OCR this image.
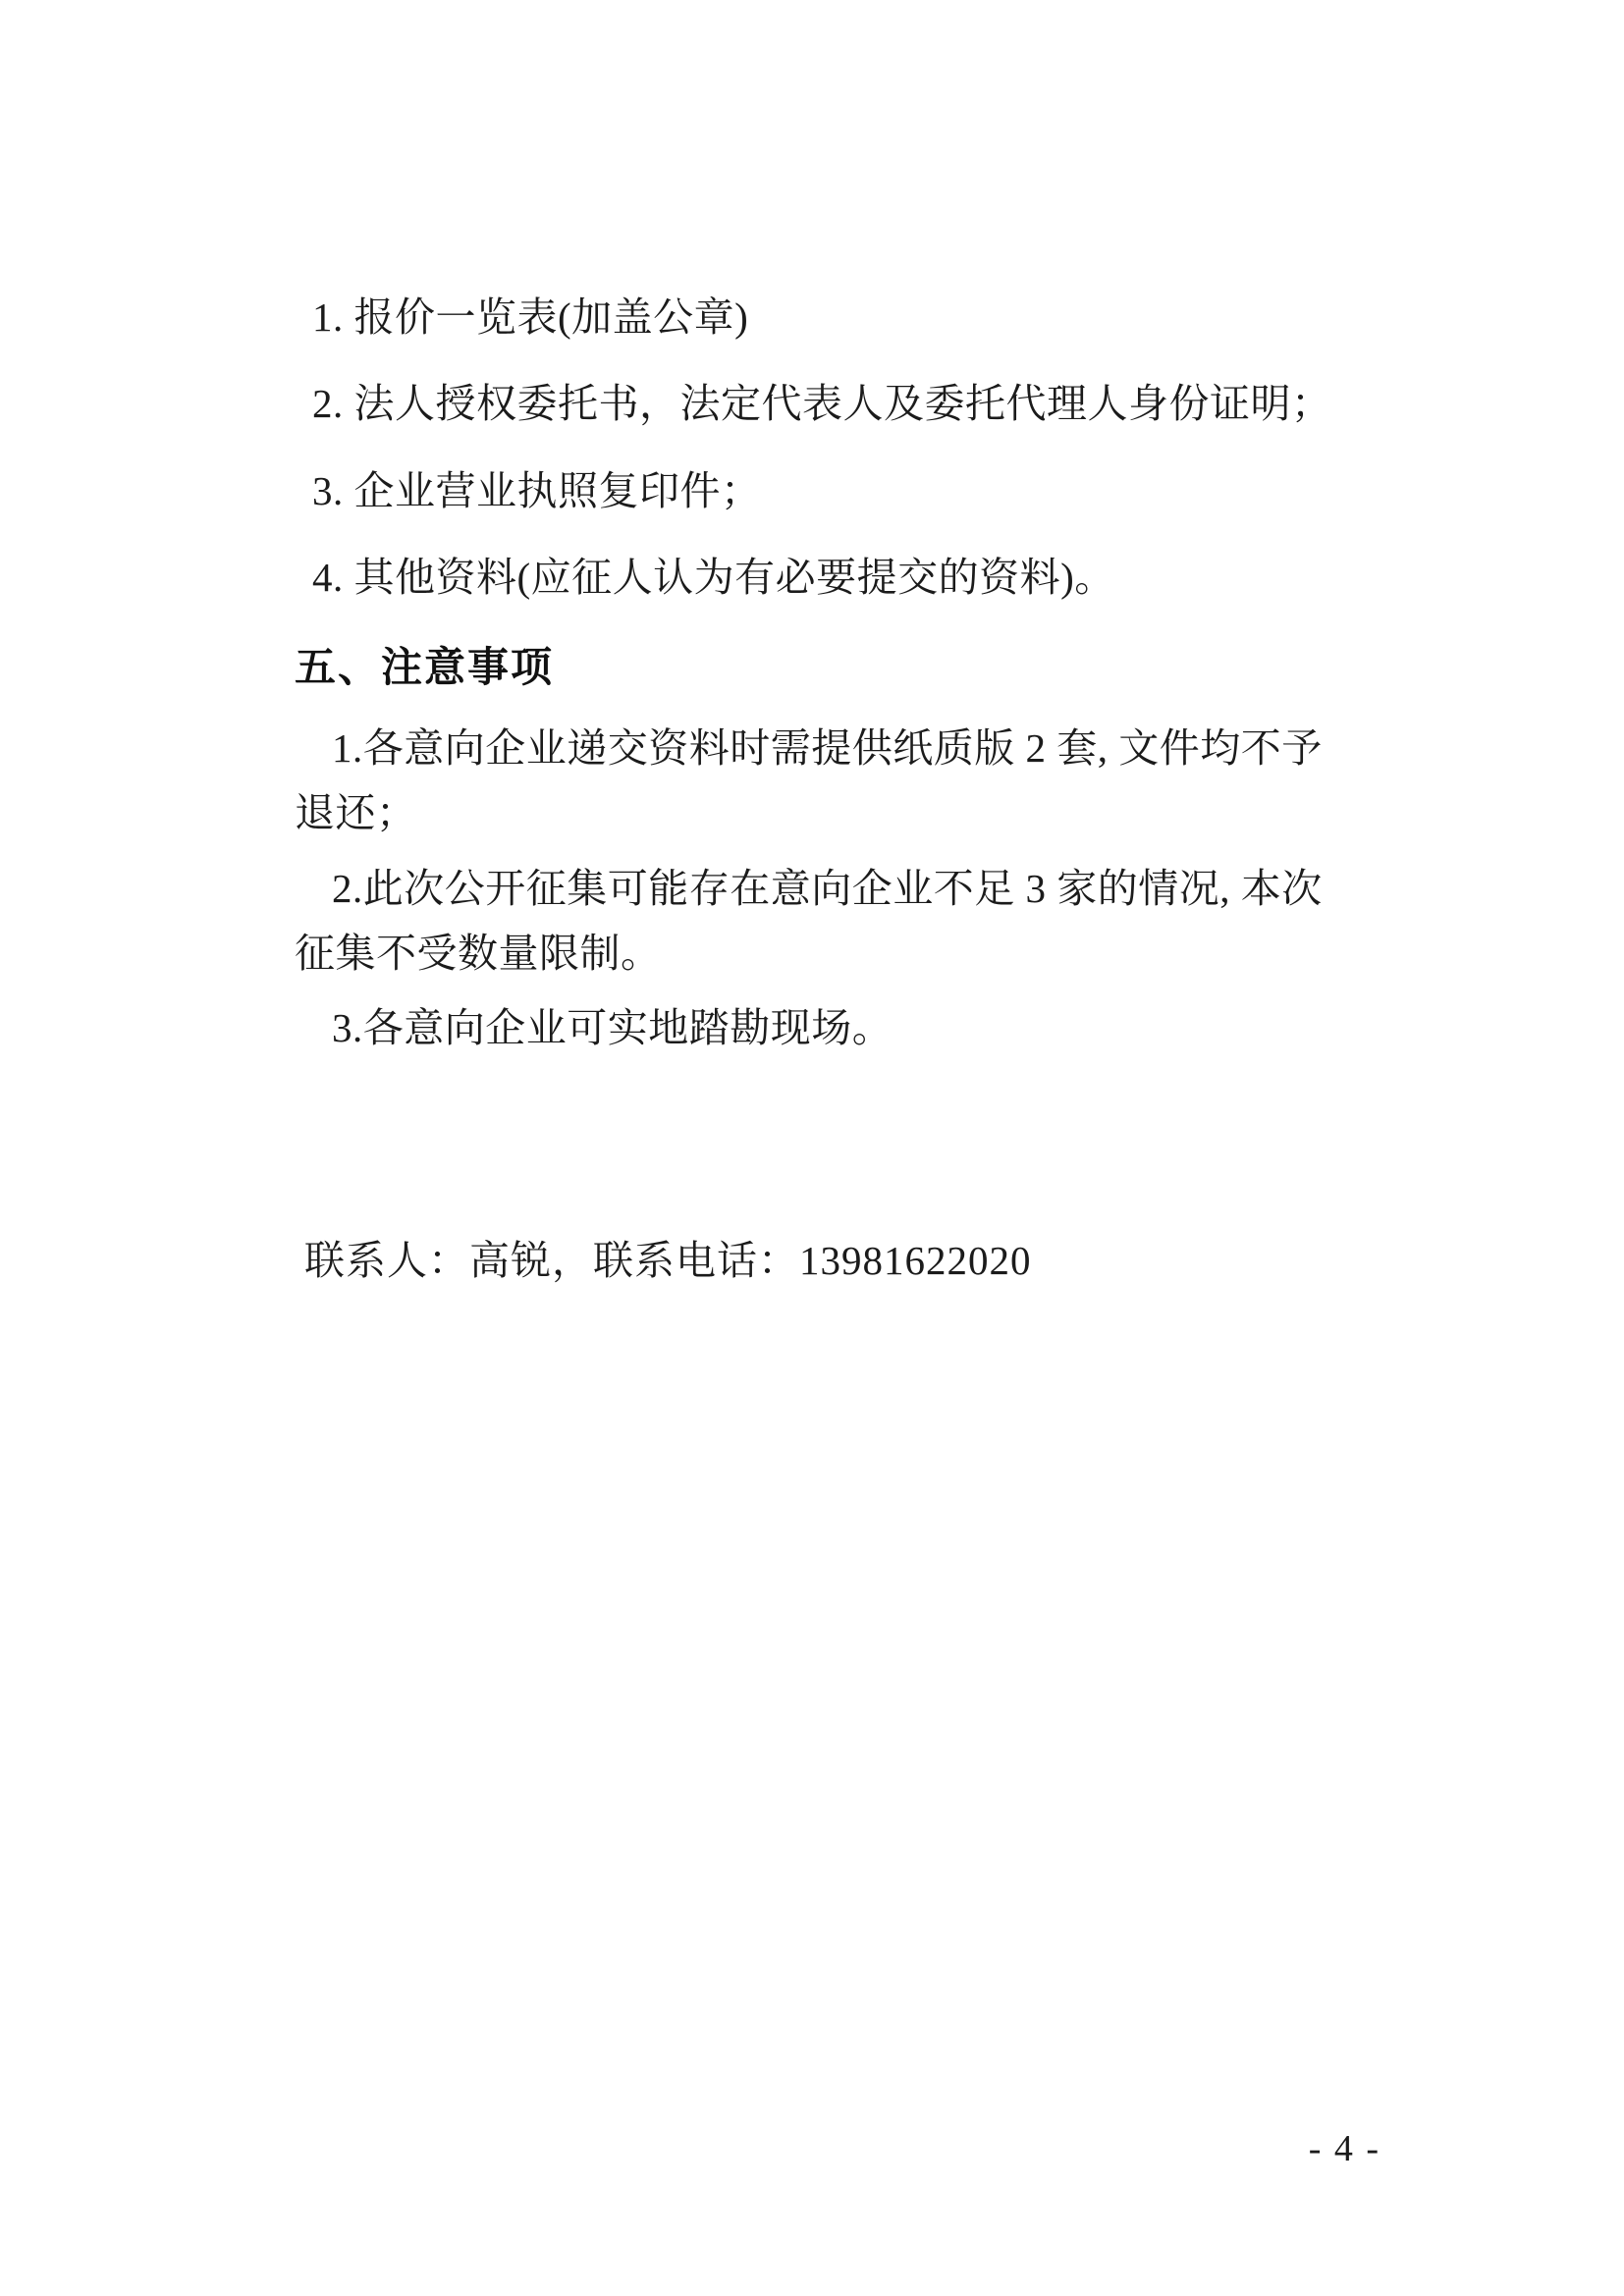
1. 报价一览表(加盖公章)

2. 法人授权委托书，法定代表人及委托代理人身份证明；

3. 企业营业执照复印件；

4. 其他资料(应征人认为有必要提交的资料)。

五、注意事项

1.各意向企业递交资料时需提供纸质版 2 套, 文件均不予退还；

2.此次公开征集可能存在意向企业不足 3 家的情况, 本次征集不受数量限制。

3.各意向企业可实地踏勘现场。

联系人：高锐，联系电话：13981622020

- 4 -
